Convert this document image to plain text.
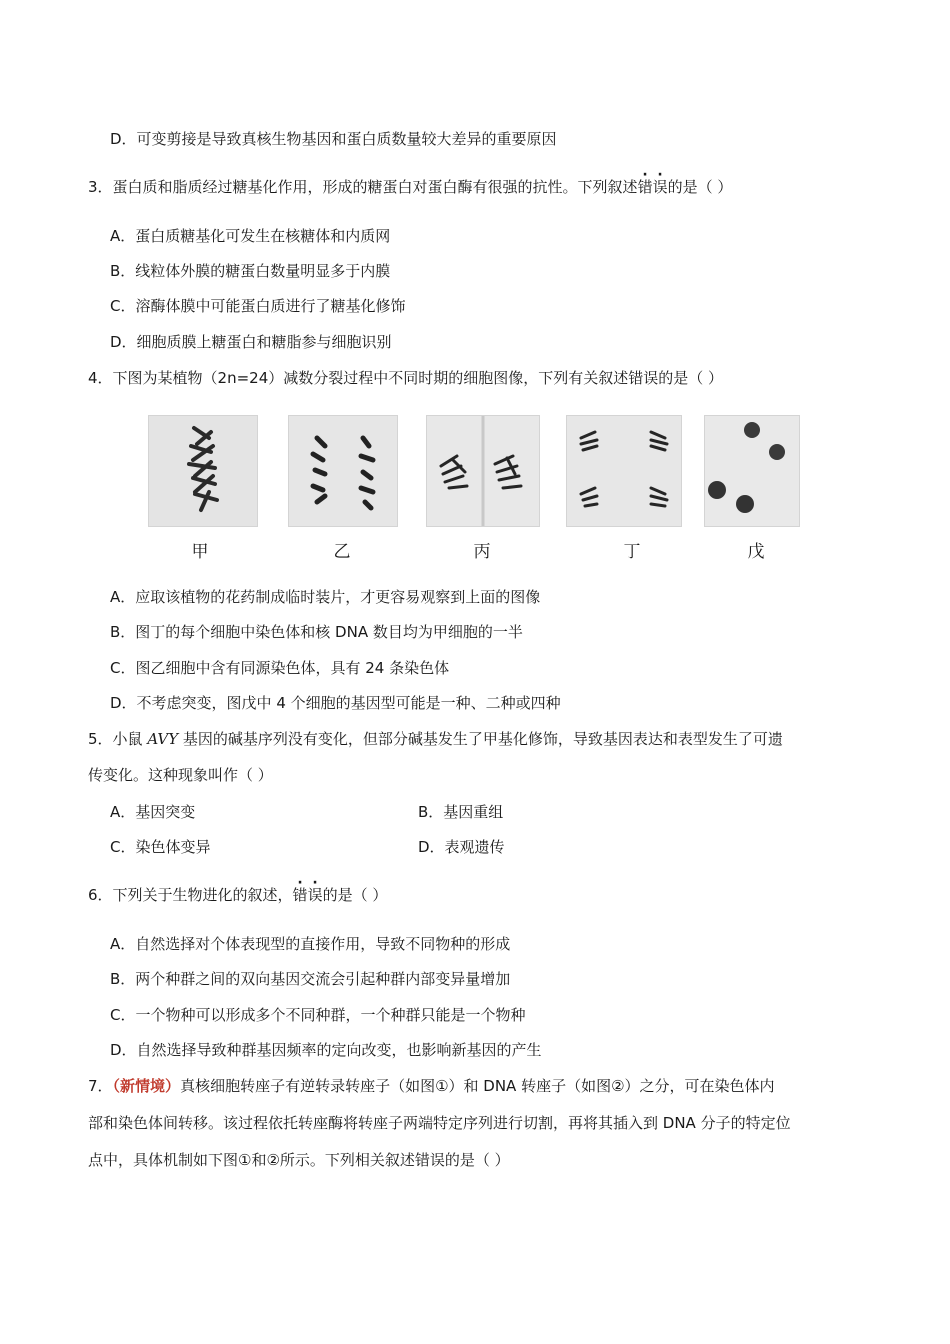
D．可变剪接是导致真核生物基因和蛋白质数量较大差异的重要原因
3．蛋白质和脂质经过糖基化作用，形成的糖蛋白对蛋白酶有很强的抗性。下列叙述错误的是（ ）
A．蛋白质糖基化可发生在核糖体和内质网
B．线粒体外膜的糖蛋白数量明显多于内膜
C．溶酶体膜中可能蛋白质进行了糖基化修饰
D．细胞质膜上糖蛋白和糖脂参与细胞识别
4．下图为某植物（2n=24）减数分裂过程中不同时期的细胞图像，下列有关叙述错误的是（ ）
甲	乙	丙	丁	戊
A．应取该植物的花药制成临时装片，才更容易观察到上面的图像
B．图丁的每个细胞中染色体和核 DNA 数目均为甲细胞的一半
C．图乙细胞中含有同源染色体，具有 24 条染色体
D．不考虑突变，图戊中 4 个细胞的基因型可能是一种、二种或四种
5．小鼠 AVY 基因的碱基序列没有变化，但部分碱基发生了甲基化修饰，导致基因表达和表型发生了可遗
传变化。这种现象叫作（ ）
A．基因突变	B．基因重组
C．染色体变异	D．表观遗传
6．下列关于生物进化的叙述，错误的是（ ）
A．自然选择对个体表现型的直接作用，导致不同物种的形成
B．两个种群之间的双向基因交流会引起种群内部变异量增加
C．一个物种可以形成多个不同种群，一个种群只能是一个物种
D．自然选择导致种群基因频率的定向改变，也影响新基因的产生
7．（新情境）真核细胞转座子有逆转录转座子（如图①）和 DNA 转座子（如图②）之分，可在染色体内
部和染色体间转移。该过程依托转座酶将转座子两端特定序列进行切割，再将其插入到 DNA 分子的特定位
点中，具体机制如下图①和②所示。下列相关叙述错误的是（ ）
